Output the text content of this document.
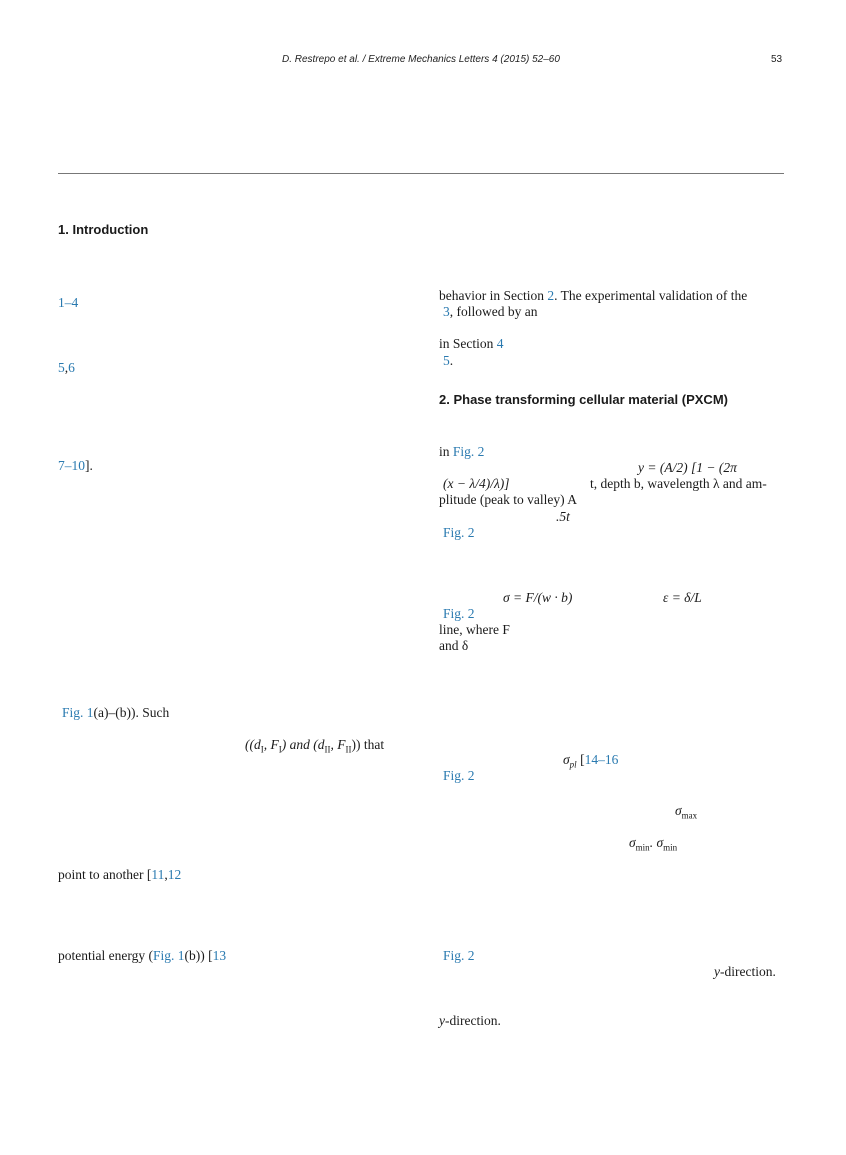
D. Restrepo et al. / Extreme Mechanics Letters 4 (2015) 52–60	53
1. Introduction
1–4
5,6
7–10].
Fig. 1(a)–(b)). Such
(($d_I$, $F_I$) and ($d_{II}$, $F_{II}$)) that
point to another [11,12
potential energy (Fig. 1(b)) [13
behavior in Section 2. The experimental validation of the
3, followed by an
in Section 4
5.
2. Phase transforming cellular material (PXCM)
in Fig. 2
y = (A/2) [1 − (2π
(x − λ/4)/λ)]	t, depth b, wavelength λ and am-
plitude (peak to valley) A
.5t
Fig. 2
σ = F/(w · b)	ε = δ/L
Fig. 2
line, where F
and δ
$\sigma_{pl}$ [14–16
Fig. 2
$\sigma_{max}$
$\sigma_{min}$. $\sigma_{min}$
Fig. 2
y-direction.
y-direction.
